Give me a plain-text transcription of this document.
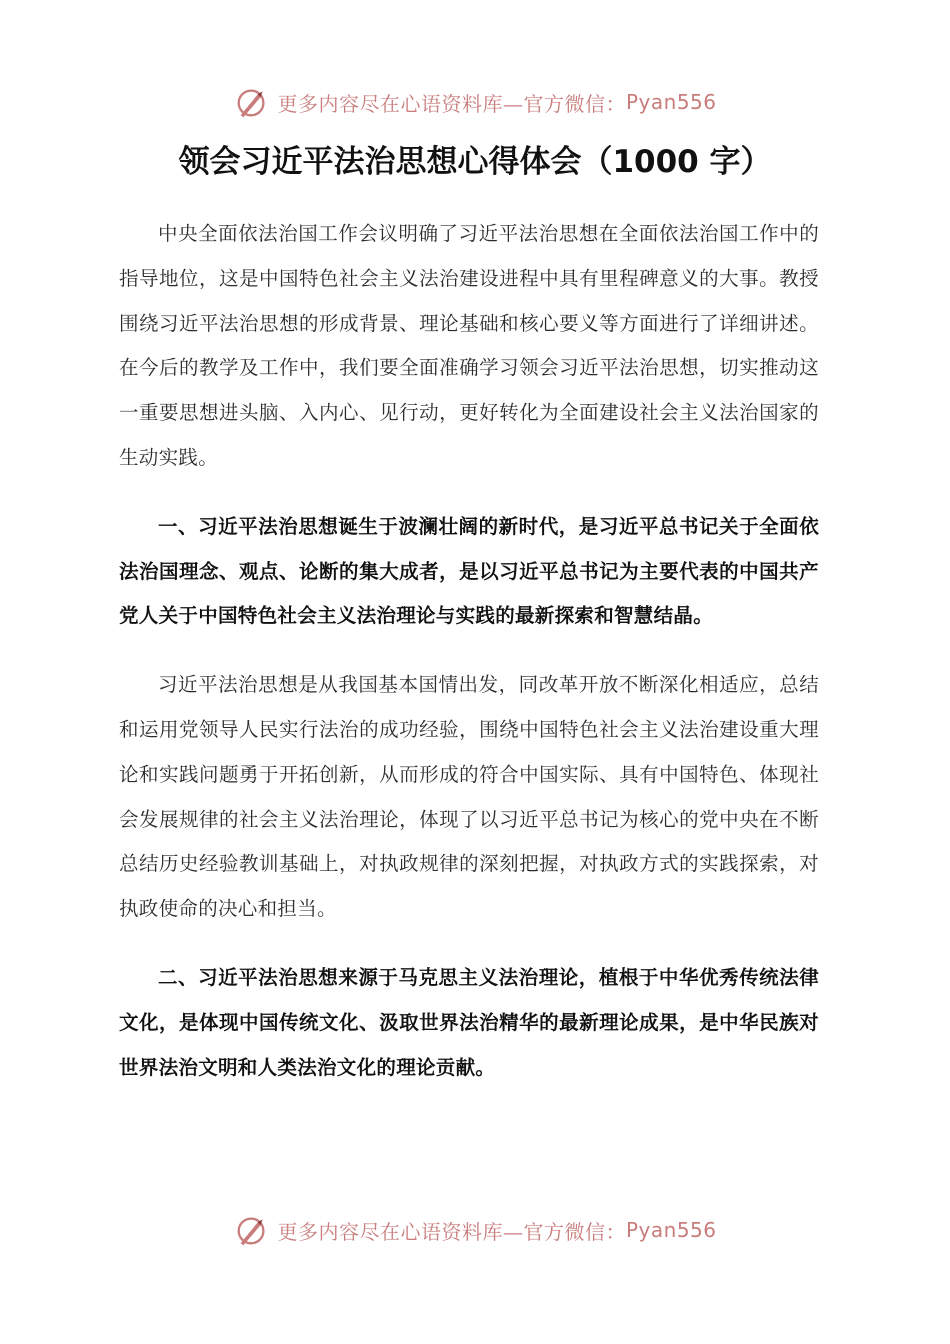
更多内容尽在心语资料库—官方微信： Pyan556
领会习近平法治思想心得体会（1000 字）

中央全面依法治国工作会议明确了习近平法治思想在全面依法治国工作中的指导地位，这是中国特色社会主义法治建设进程中具有里程碑意义的大事。教授围绕习近平法治思想的形成背景、理论基础和核心要义等方面进行了详细讲述。在今后的教学及工作中，我们要全面准确学习领会习近平法治思想，切实推动这一重要思想进头脑、入内心、见行动，更好转化为全面建设社会主义法治国家的生动实践。

一、习近平法治思想诞生于波澜壮阔的新时代，是习近平总书记关于全面依法治国理念、观点、论断的集大成者，是以习近平总书记为主要代表的中国共产党人关于中国特色社会主义法治理论与实践的最新探索和智慧结晶。

习近平法治思想是从我国基本国情出发，同改革开放不断深化相适应，总结和运用党领导人民实行法治的成功经验，围绕中国特色社会主义法治建设重大理论和实践问题勇于开拓创新，从而形成的符合中国实际、具有中国特色、体现社会发展规律的社会主义法治理论，体现了以习近平总书记为核心的党中央在不断总结历史经验教训基础上，对执政规律的深刻把握，对执政方式的实践探索，对执政使命的决心和担当。

二、习近平法治思想来源于马克思主义法治理论，植根于中华优秀传统法律文化，是体现中国传统文化、汲取世界法治精华的最新理论成果，是中华民族对世界法治文明和人类法治文化的理论贡献。

更多内容尽在心语资料库—官方微信： Pyan556
